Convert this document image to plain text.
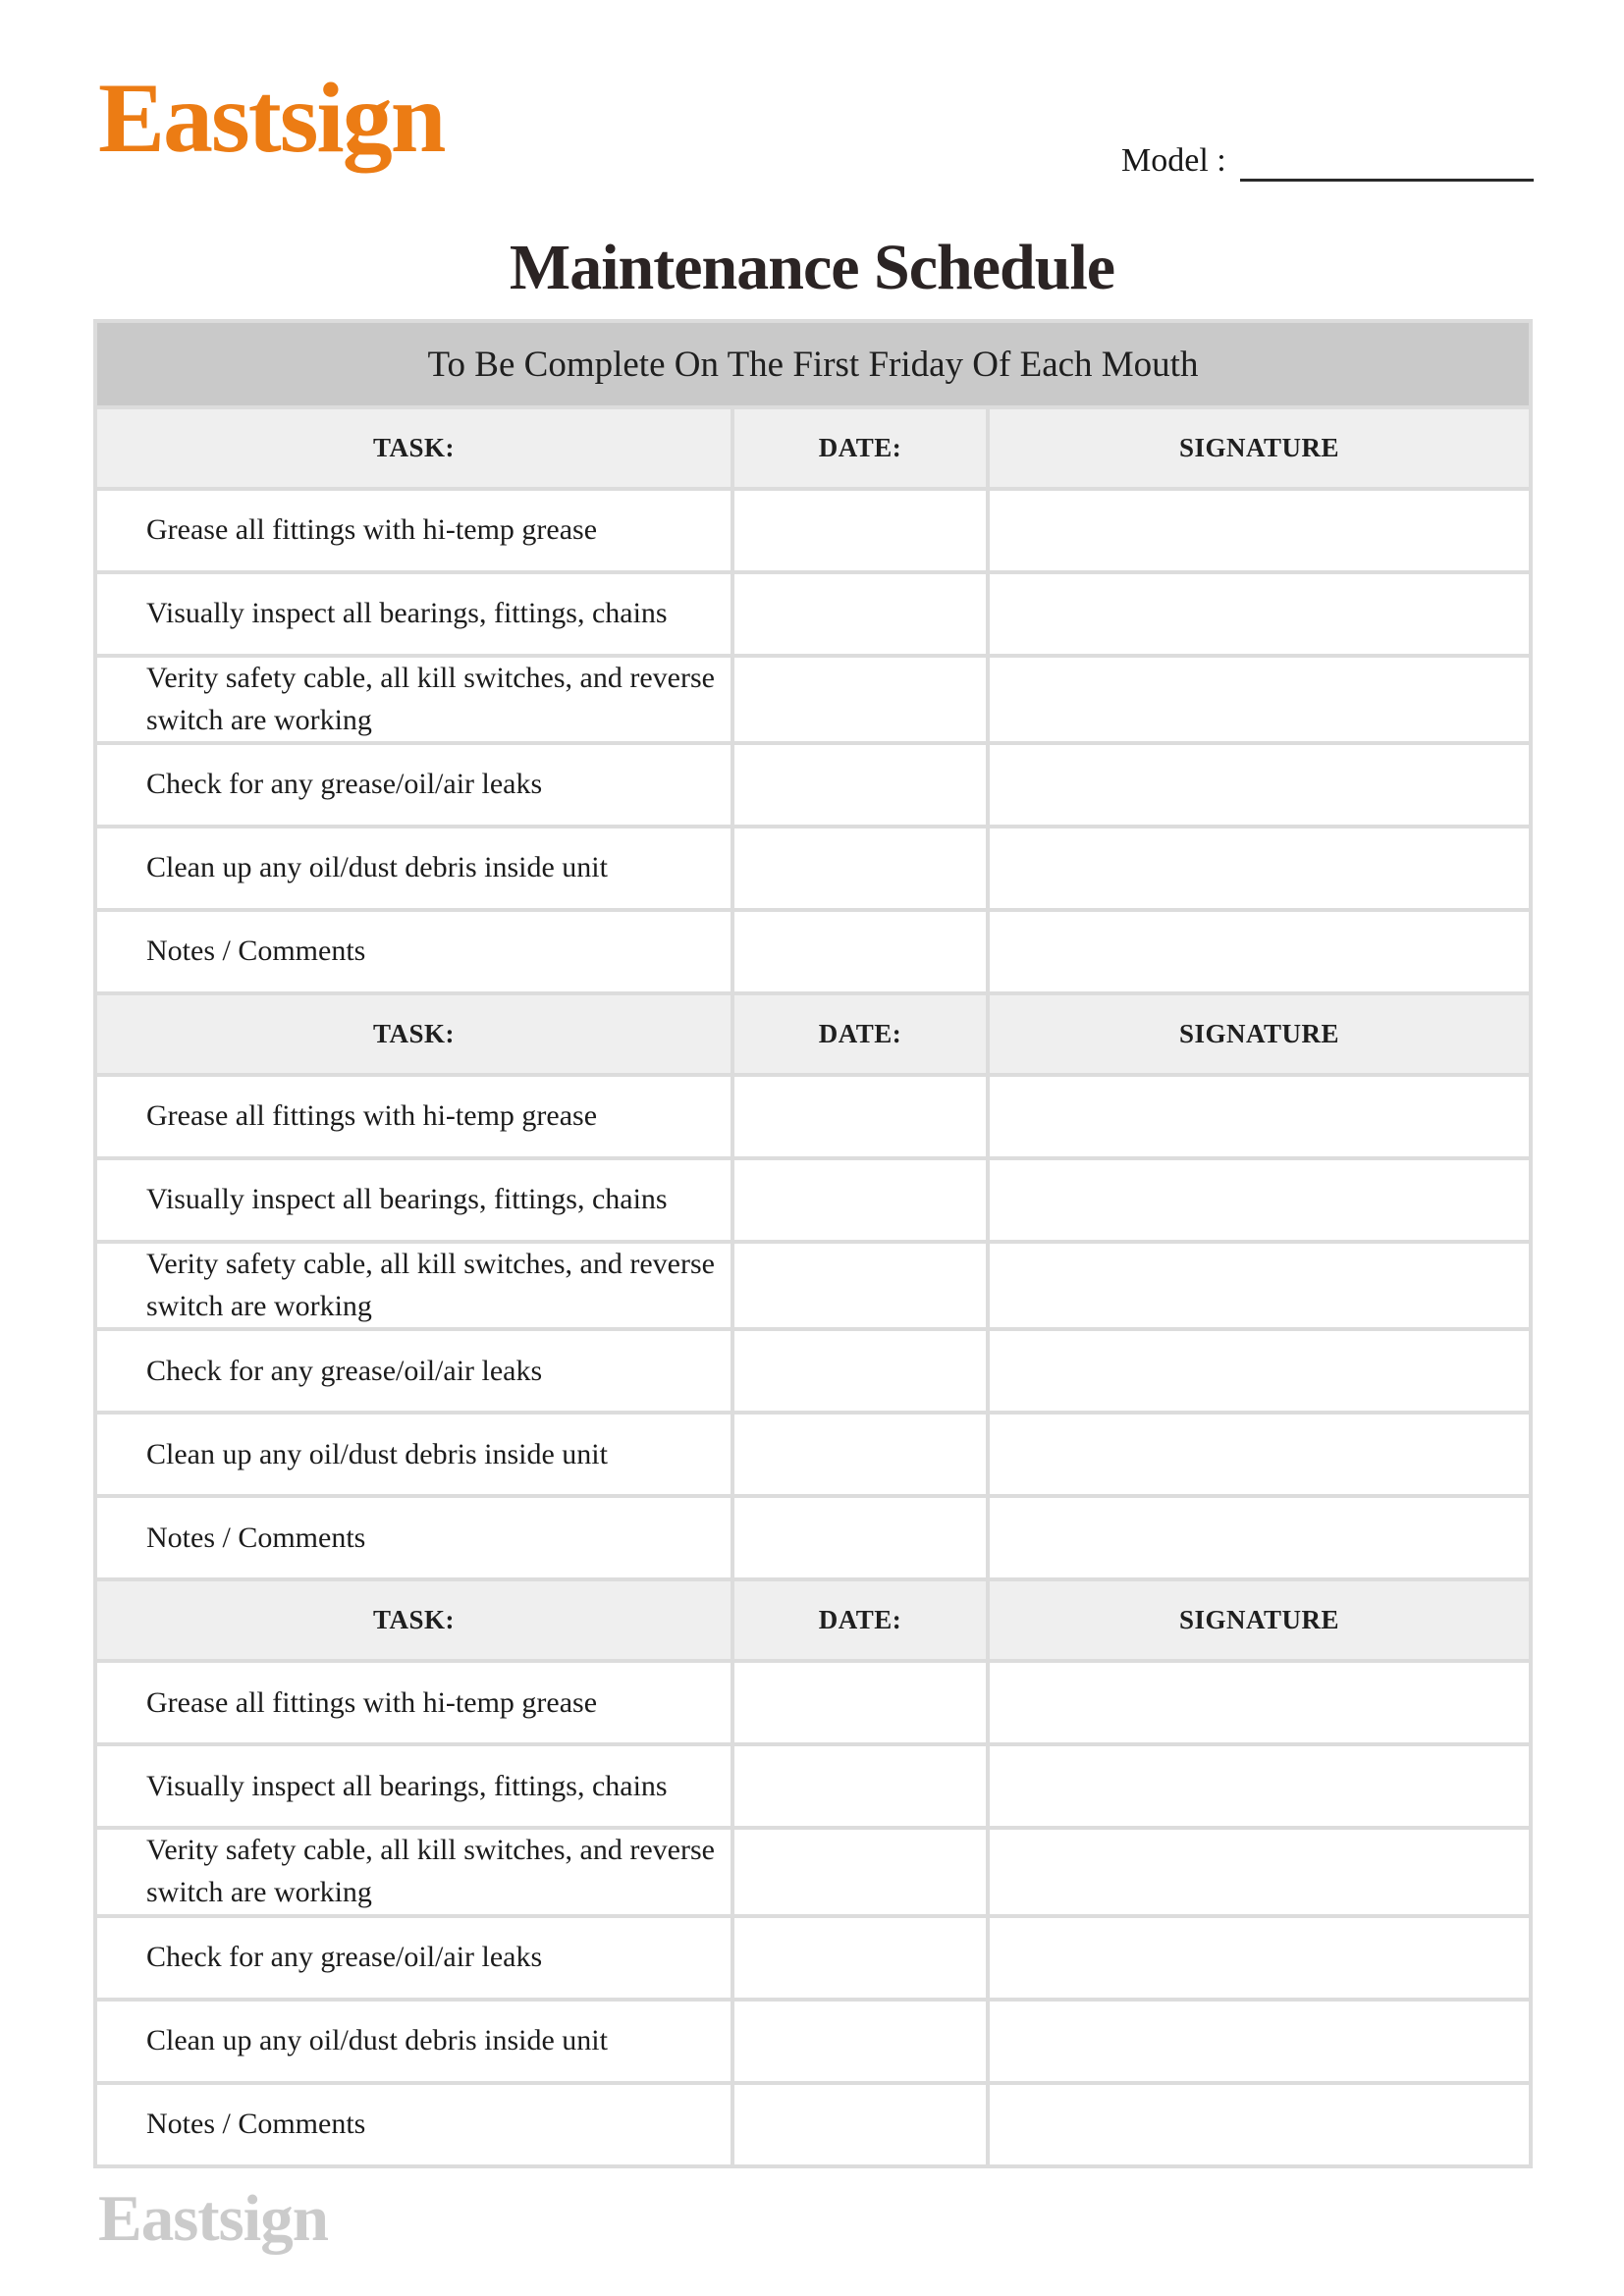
Eastsign	Model :
Maintenance Schedule
To Be Complete On The First Friday Of Each Mouth
TASK:	DATE:	SIGNATURE
Grease all fittings with hi-temp grease
Visually inspect all bearings, fittings, chains
Verity safety cable, all kill switches, and reverse switch are working
Check for any grease/oil/air leaks
Clean up any oil/dust debris inside unit
Notes / Comments
TASK:	DATE:	SIGNATURE
Grease all fittings with hi-temp grease
Visually inspect all bearings, fittings, chains
Verity safety cable, all kill switches, and reverse switch are working
Check for any grease/oil/air leaks
Clean up any oil/dust debris inside unit
Notes / Comments
TASK:	DATE:	SIGNATURE
Grease all fittings with hi-temp grease
Visually inspect all bearings, fittings, chains
Verity safety cable, all kill switches, and reverse switch are working
Check for any grease/oil/air leaks
Clean up any oil/dust debris inside unit
Notes / Comments
Eastsign
